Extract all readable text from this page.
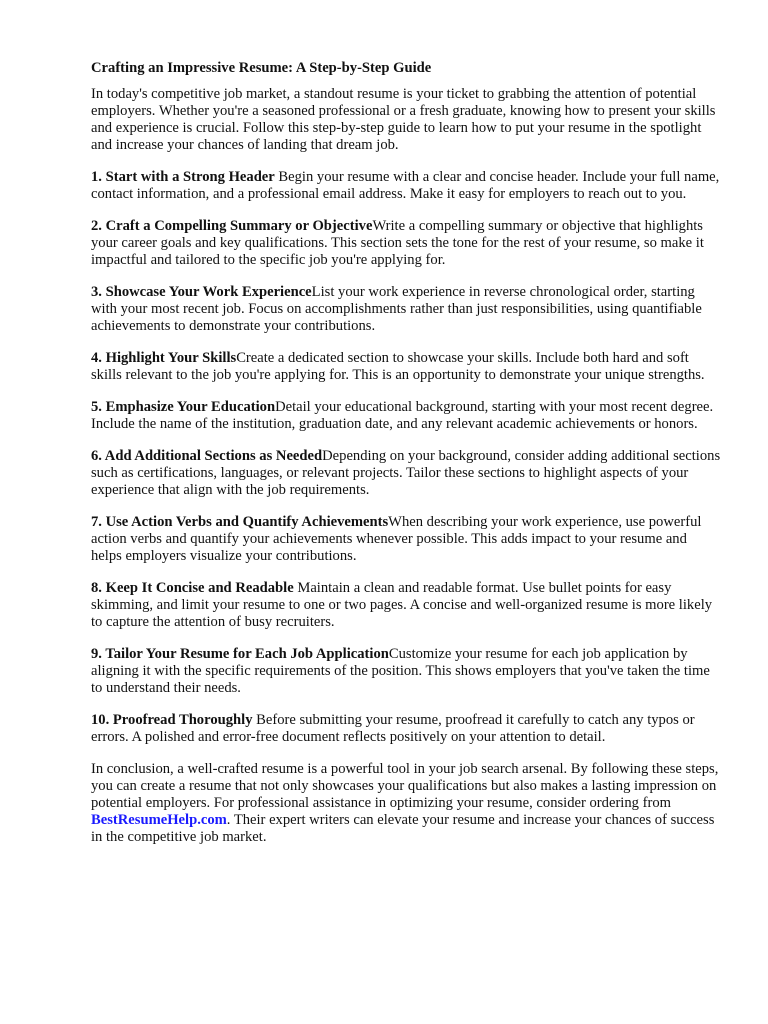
Crafting an Impressive Resume: A Step-by-Step Guide

In today's competitive job market, a standout resume is your ticket to grabbing the attention of potential employers. Whether you're a seasoned professional or a fresh graduate, knowing how to present your skills and experience is crucial. Follow this step-by-step guide to learn how to put your resume in the spotlight and increase your chances of landing that dream job.

1. Start with a Strong Header Begin your resume with a clear and concise header. Include your full name, contact information, and a professional email address. Make it easy for employers to reach out to you.

2. Craft a Compelling Summary or ObjectiveWrite a compelling summary or objective that highlights your career goals and key qualifications. This section sets the tone for the rest of your resume, so make it impactful and tailored to the specific job you're applying for.

3. Showcase Your Work ExperienceList your work experience in reverse chronological order, starting with your most recent job. Focus on accomplishments rather than just responsibilities, using quantifiable achievements to demonstrate your contributions.

4. Highlight Your SkillsCreate a dedicated section to showcase your skills. Include both hard and soft skills relevant to the job you're applying for. This is an opportunity to demonstrate your unique strengths.

5. Emphasize Your EducationDetail your educational background, starting with your most recent degree. Include the name of the institution, graduation date, and any relevant academic achievements or honors.

6. Add Additional Sections as NeededDepending on your background, consider adding additional sections such as certifications, languages, or relevant projects. Tailor these sections to highlight aspects of your experience that align with the job requirements.

7. Use Action Verbs and Quantify AchievementsWhen describing your work experience, use powerful action verbs and quantify your achievements whenever possible. This adds impact to your resume and helps employers visualize your contributions.

8. Keep It Concise and Readable Maintain a clean and readable format. Use bullet points for easy skimming, and limit your resume to one or two pages. A concise and well-organized resume is more likely to capture the attention of busy recruiters.

9. Tailor Your Resume for Each Job ApplicationCustomize your resume for each job application by aligning it with the specific requirements of the position. This shows employers that you've taken the time to understand their needs.

10. Proofread Thoroughly Before submitting your resume, proofread it carefully to catch any typos or errors. A polished and error-free document reflects positively on your attention to detail.

In conclusion, a well-crafted resume is a powerful tool in your job search arsenal. By following these steps, you can create a resume that not only showcases your qualifications but also makes a lasting impression on potential employers. For professional assistance in optimizing your resume, consider ordering from BestResumeHelp.com. Their expert writers can elevate your resume and increase your chances of success in the competitive job market.
